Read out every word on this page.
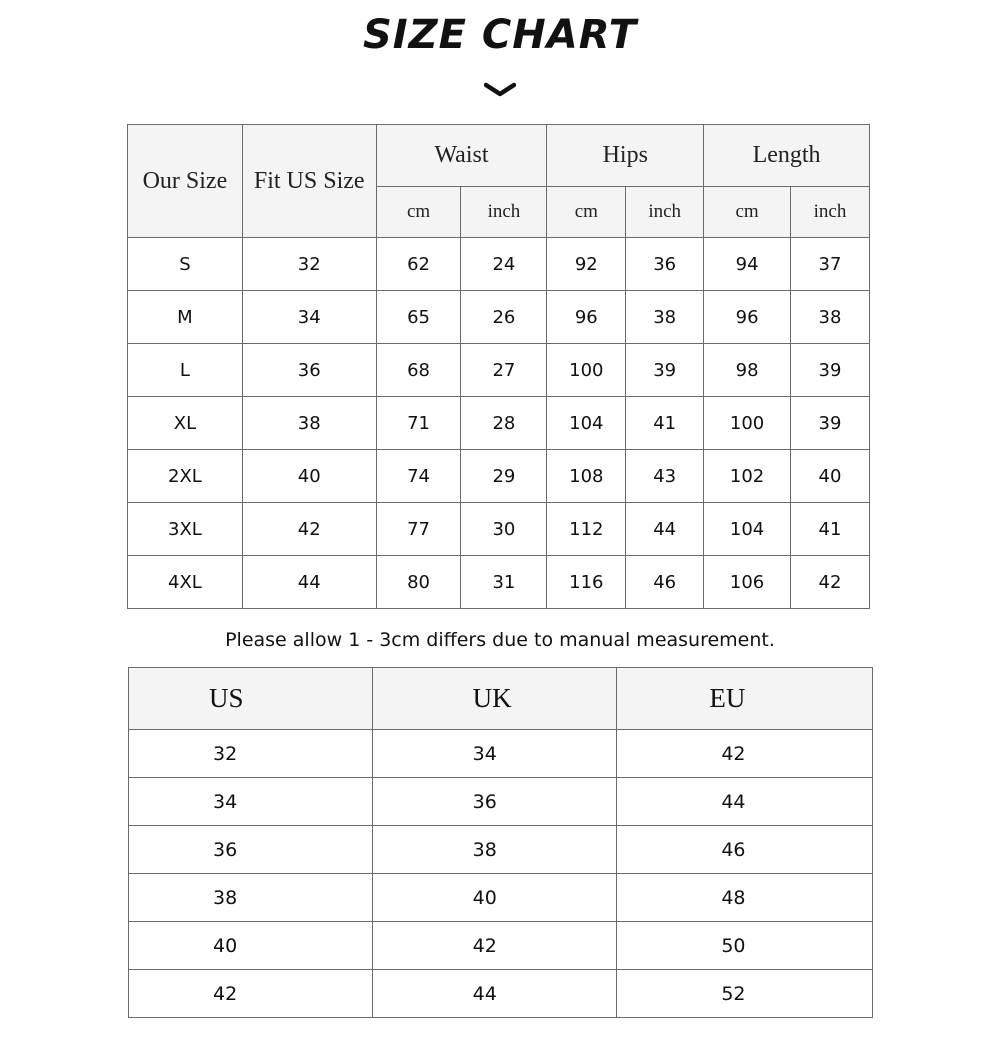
SIZE CHART
Our Size	Fit US Size	Waist		Hips		Length	
		cm	inch	cm	inch	cm	inch
S	32	62	24	92	36	94	37
M	34	65	26	96	38	96	38
L	36	68	27	100	39	98	39
XL	38	71	28	104	41	100	39
2XL	40	74	29	108	43	102	40
3XL	42	77	30	112	44	104	41
4XL	44	80	31	116	46	106	42
Please allow 1 - 3cm differs due to manual measurement.
US	UK	EU
32	34	42
34	36	44
36	38	46
38	40	48
40	42	50
42	44	52
